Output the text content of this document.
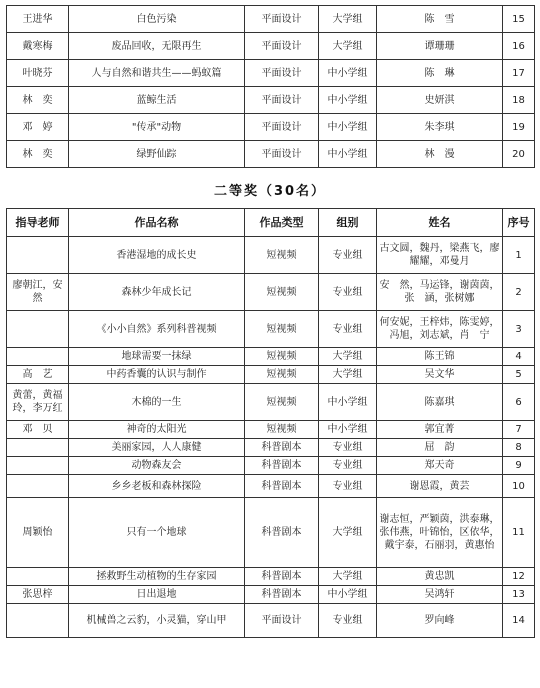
王进华	白色污染	平面设计	大学组	陈　雪	15
戴寒梅	废品回收，无限再生	平面设计	大学组	谭珊珊	16
叶晓芬	人与自然和谐共生——蚂蚁篇	平面设计	中小学组	陈　琳	17
林　奕	蓝鲸生活	平面设计	中小学组	史妍淇	18
邓　婷	"传承"动物	平面设计	中小学组	朱李琪	19
林　奕	绿野仙踪	平面设计	中小学组	林　漫	20
二等奖（30名）
指导老师	作品名称	作品类型	组别	姓名	序号
	香港湿地的成长史	短视频	专业组	古文圆，魏丹，梁燕飞，廖耀耀，邓曼月	1
廖朝江，安　然	森林少年成长记	短视频	专业组	安　然，马运锋，谢茵茵，张　涵，张树娜	2
	《小小自然》系列科普视频	短视频	专业组	何安妮，王梓炜，陈雯婷，冯旭，刘志斌，肖　宁	3
	地球需要一抹绿	短视频	大学组	陈王锦	4
高　艺	中药香囊的认识与制作	短视频	大学组	吴文华	5
黄蕾，黄福玲，李万红	木棉的一生	短视频	中小学组	陈嘉琪	6
邓　贝	神奇的太阳光	短视频	中小学组	郭宜菁	7
	美丽家园，人人康健	科普剧本	专业组	屈　韵	8
	动物森友会	科普剧本	专业组	郑天奇	9
	乡乡老板和森林探险	科普剧本	专业组	谢恩霞，黄芸	10
周颖怡	只有一个地球	科普剧本	大学组	谢志恒，严颖茵，洪泰琳，张伟燕，叶锦怡，区依华，戴宇泰，石丽羽，黄惠怡	11
	拯救野生动植物的生存家园	科普剧本	大学组	黄忠凯	12
张思梓	日出退地	科普剧本	中小学组	吴鸿轩	13
	机械兽之云豹，小灵猫，穿山甲	平面设计	专业组	罗向峰	14
